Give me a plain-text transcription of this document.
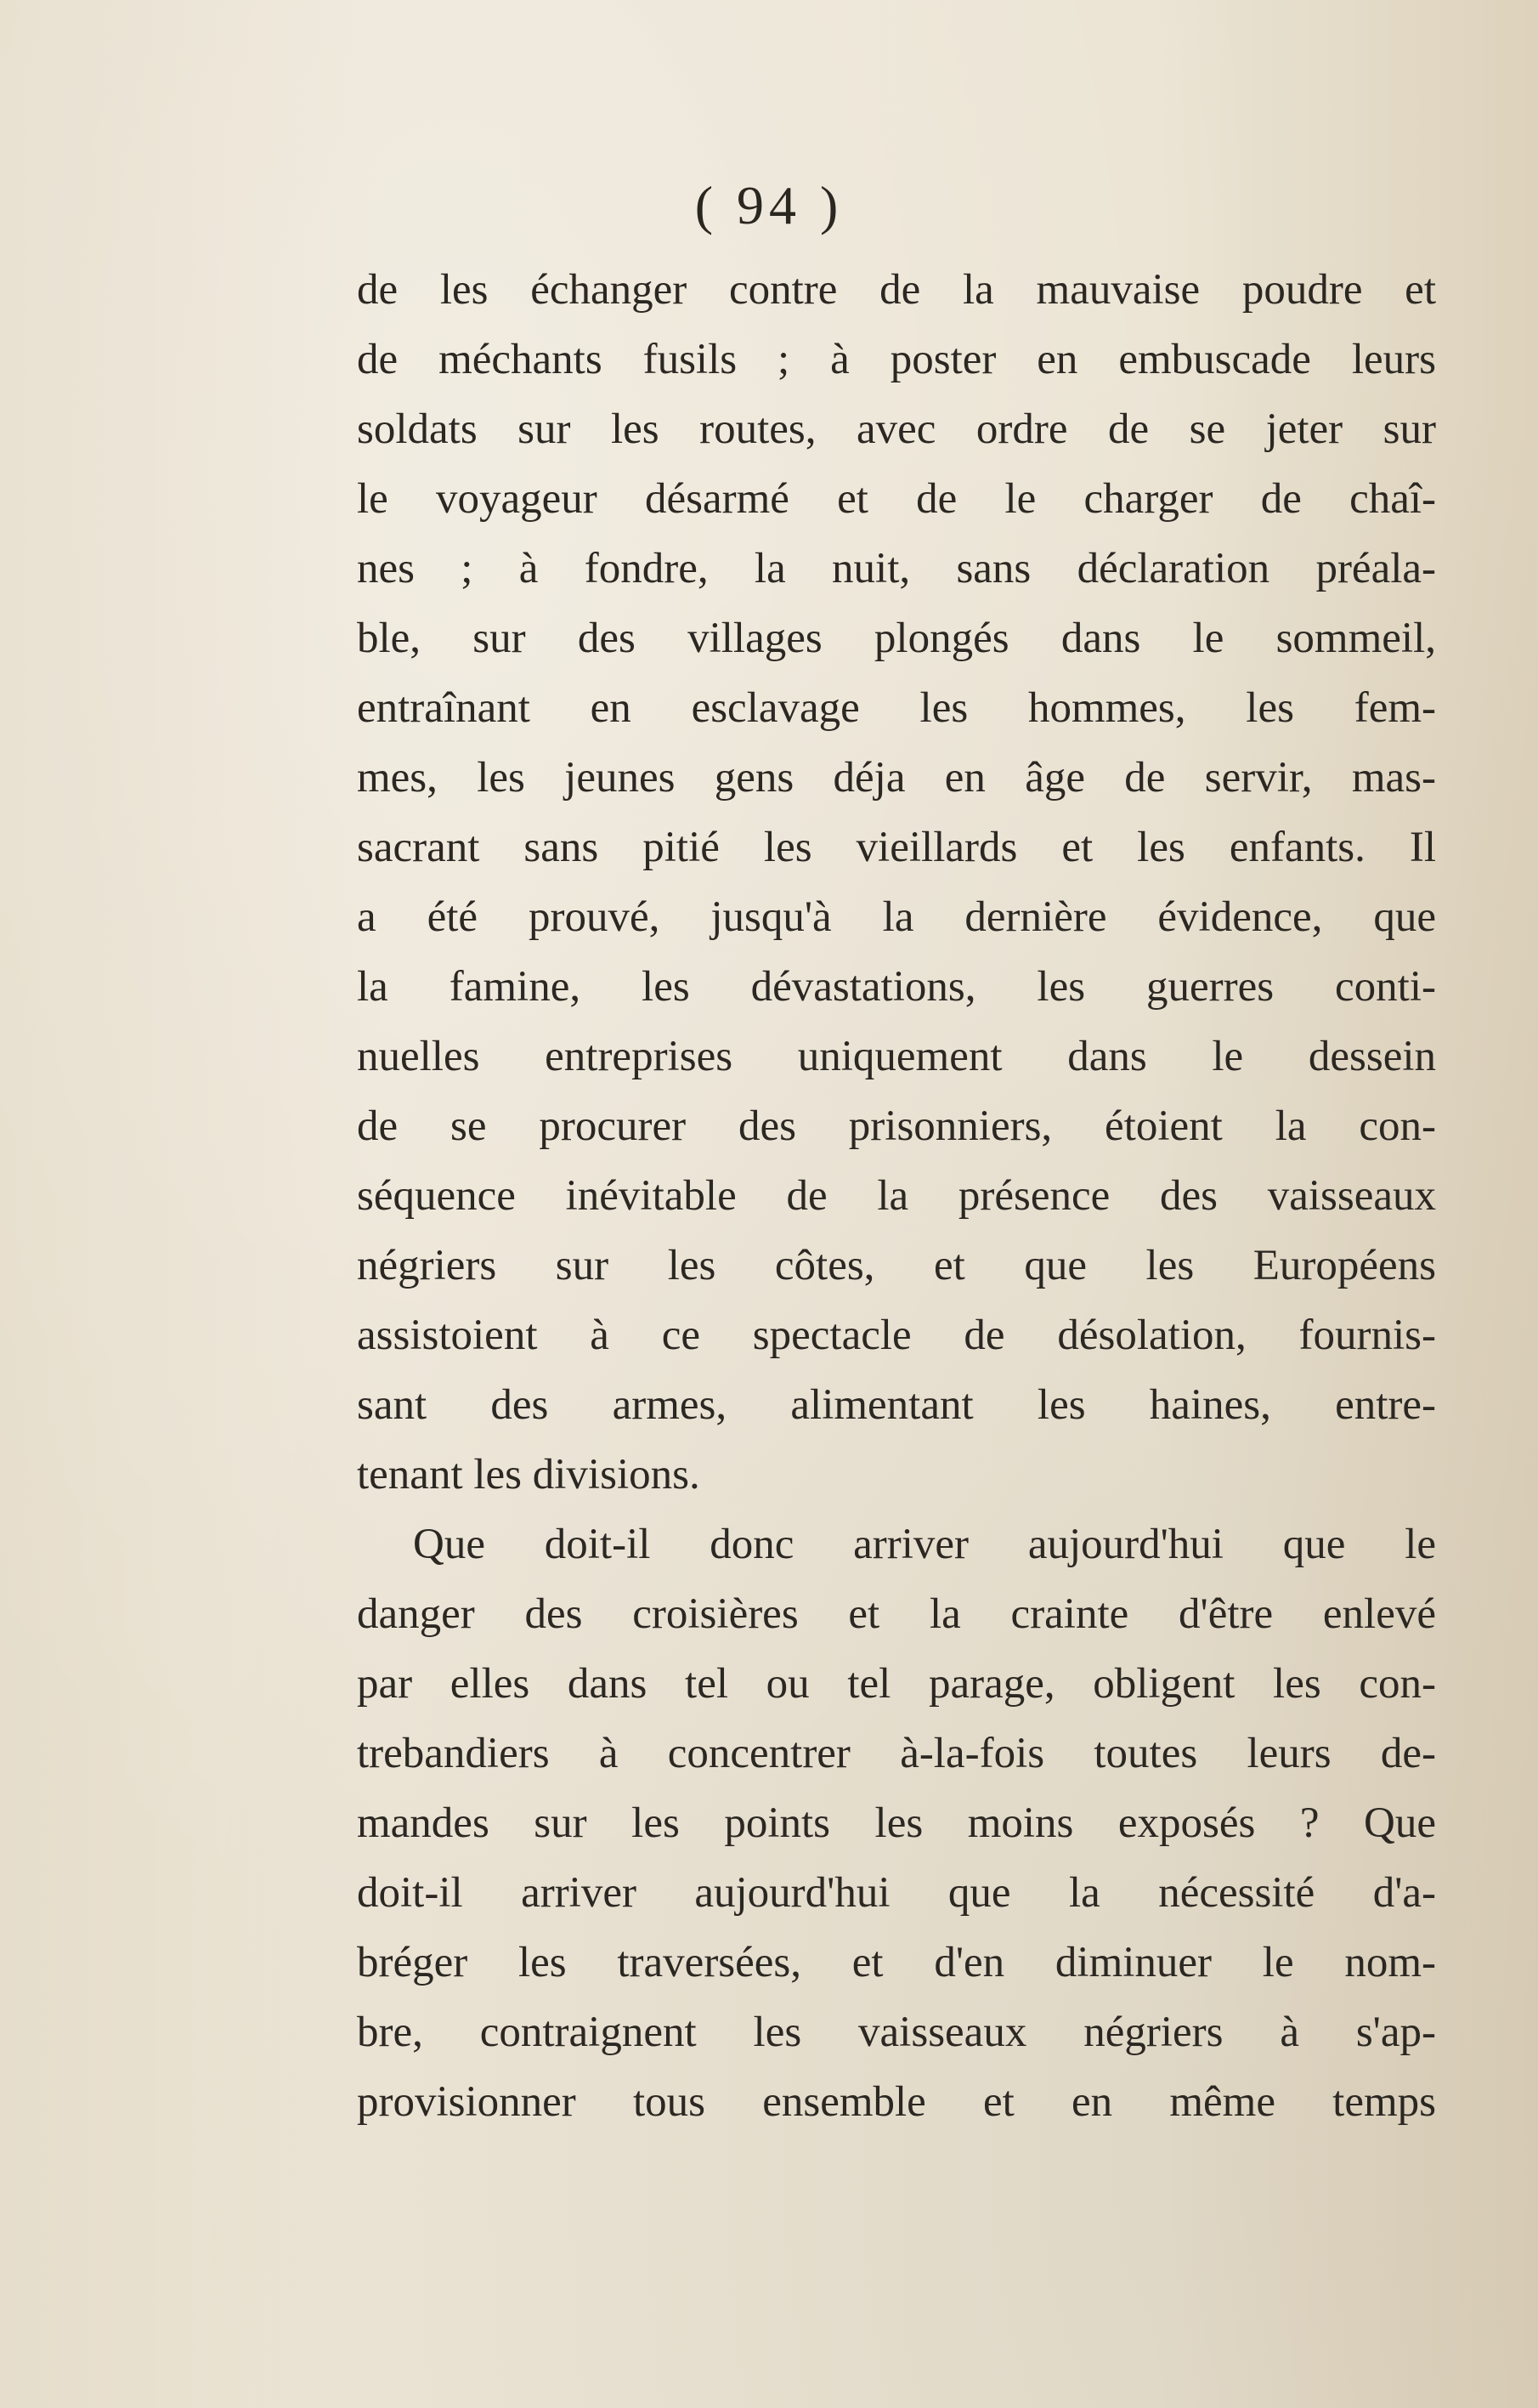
( 94 )
de les échanger contre de la mauvaise poudre et
de méchants fusils ; à poster en embuscade leurs
soldats sur les routes, avec ordre de se jeter sur
le voyageur désarmé et de le charger de chaî-
nes ; à fondre, la nuit, sans déclaration préala-
ble, sur des villages plongés dans le sommeil,
entraînant en esclavage les hommes, les fem-
mes, les jeunes gens déja en âge de servir, mas-
sacrant sans pitié les vieillards et les enfants. Il
a été prouvé, jusqu'à la dernière évidence, que
la famine, les dévastations, les guerres conti-
nuelles entreprises uniquement dans le dessein
de se procurer des prisonniers, étoient la con-
séquence inévitable de la présence des vaisseaux
négriers sur les côtes, et que les Européens
assistoient à ce spectacle de désolation, fournis-
sant des armes, alimentant les haines, entre-
tenant les divisions.
Que doit-il donc arriver aujourd'hui que le
danger des croisières et la crainte d'être enlevé
par elles dans tel ou tel parage, obligent les con-
trebandiers à concentrer à-la-fois toutes leurs de-
mandes sur les points les moins exposés ? Que
doit-il arriver aujourd'hui que la nécessité d'a-
bréger les traversées, et d'en diminuer le nom-
bre, contraignent les vaisseaux négriers à s'ap-
provisionner tous ensemble et en même temps
